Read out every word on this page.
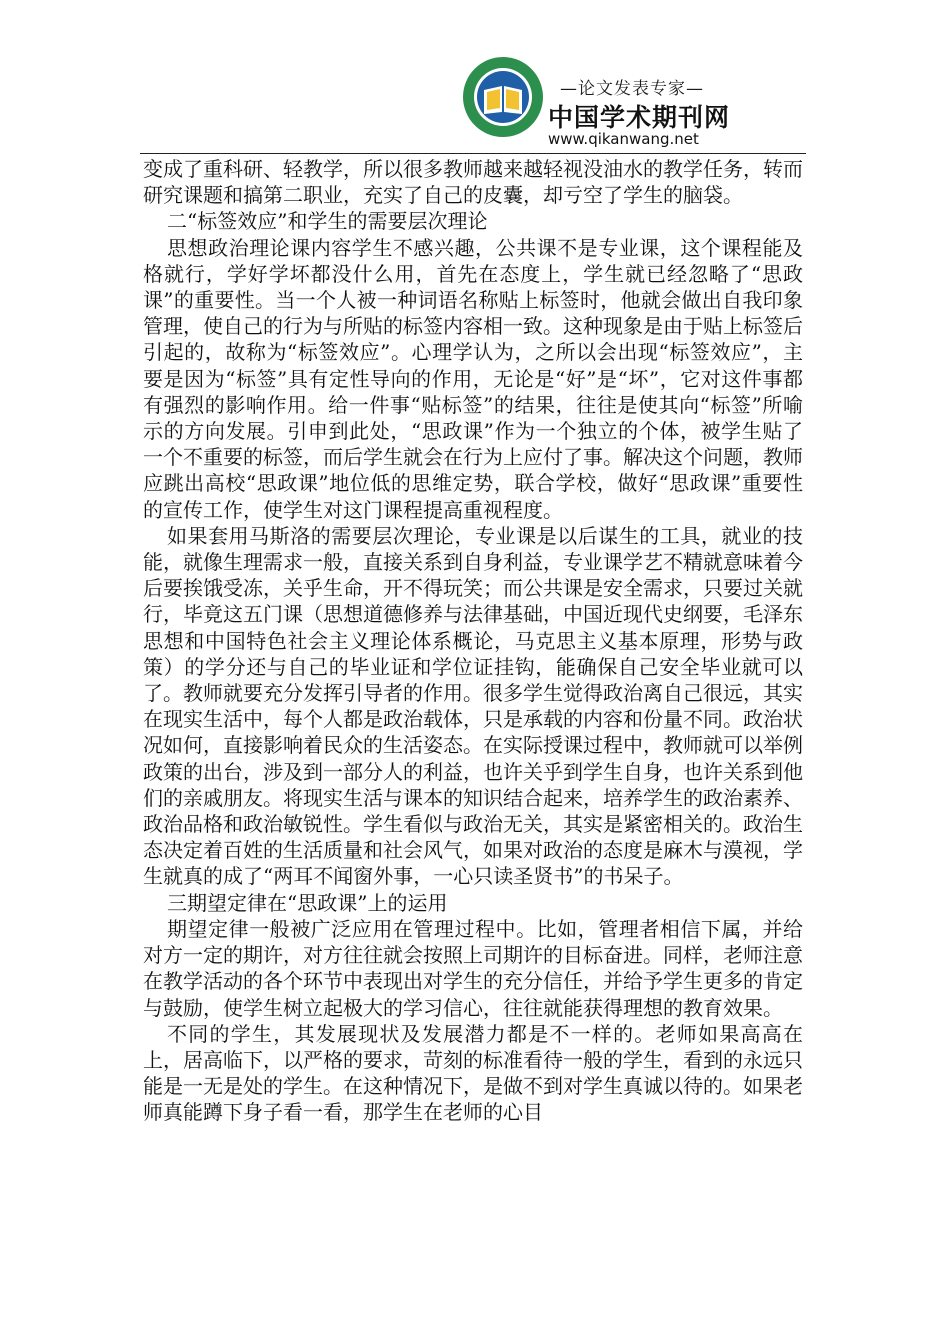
—论文发表专家—
中国学术期刊网
www.qikanwang.net

变成了重科研、轻教学，所以很多教师越来越轻视没油水的教学任务，转而研究课题和搞第二职业，充实了自己的皮囊，却亏空了学生的脑袋。

二“标签效应”和学生的需要层次理论

思想政治理论课内容学生不感兴趣，公共课不是专业课，这个课程能及格就行，学好学坏都没什么用，首先在态度上，学生就已经忽略了“思政课”的重要性。当一个人被一种词语名称贴上标签时，他就会做出自我印象管理，使自己的行为与所贴的标签内容相一致。这种现象是由于贴上标签后引起的，故称为“标签效应”。心理学认为，之所以会出现“标签效应”，主要是因为“标签”具有定性导向的作用，无论是“好”是“坏”，它对这件事都有强烈的影响作用。给一件事“贴标签”的结果，往往是使其向“标签”所喻示的方向发展。引申到此处，“思政课”作为一个独立的个体，被学生贴了一个不重要的标签，而后学生就会在行为上应付了事。解决这个问题，教师应跳出高校“思政课”地位低的思维定势，联合学校，做好“思政课”重要性的宣传工作，使学生对这门课程提高重视程度。

如果套用马斯洛的需要层次理论，专业课是以后谋生的工具，就业的技能，就像生理需求一般，直接关系到自身利益，专业课学艺不精就意味着今后要挨饿受冻，关乎生命，开不得玩笑；而公共课是安全需求，只要过关就行，毕竟这五门课（思想道德修养与法律基础，中国近现代史纲要，毛泽东思想和中国特色社会主义理论体系概论，马克思主义基本原理，形势与政策）的学分还与自己的毕业证和学位证挂钩，能确保自己安全毕业就可以了。教师就要充分发挥引导者的作用。很多学生觉得政治离自己很远，其实在现实生活中，每个人都是政治载体，只是承载的内容和份量不同。政治状况如何，直接影响着民众的生活姿态。在实际授课过程中，教师就可以举例政策的出台，涉及到一部分人的利益，也许关乎到学生自身，也许关系到他们的亲戚朋友。将现实生活与课本的知识结合起来，培养学生的政治素养、政治品格和政治敏锐性。学生看似与政治无关，其实是紧密相关的。政治生态决定着百姓的生活质量和社会风气，如果对政治的态度是麻木与漠视，学生就真的成了“两耳不闻窗外事，一心只读圣贤书”的书呆子。

三期望定律在“思政课”上的运用

期望定律一般被广泛应用在管理过程中。比如，管理者相信下属，并给对方一定的期许，对方往往就会按照上司期许的目标奋进。同样，老师注意在教学活动的各个环节中表现出对学生的充分信任，并给予学生更多的肯定与鼓励，使学生树立起极大的学习信心，往往就能获得理想的教育效果。

不同的学生，其发展现状及发展潜力都是不一样的。老师如果高高在上，居高临下，以严格的要求，苛刻的标准看待一般的学生，看到的永远只能是一无是处的学生。在这种情况下，是做不到对学生真诚以待的。如果老师真能蹲下身子看一看，那学生在老师的心目
